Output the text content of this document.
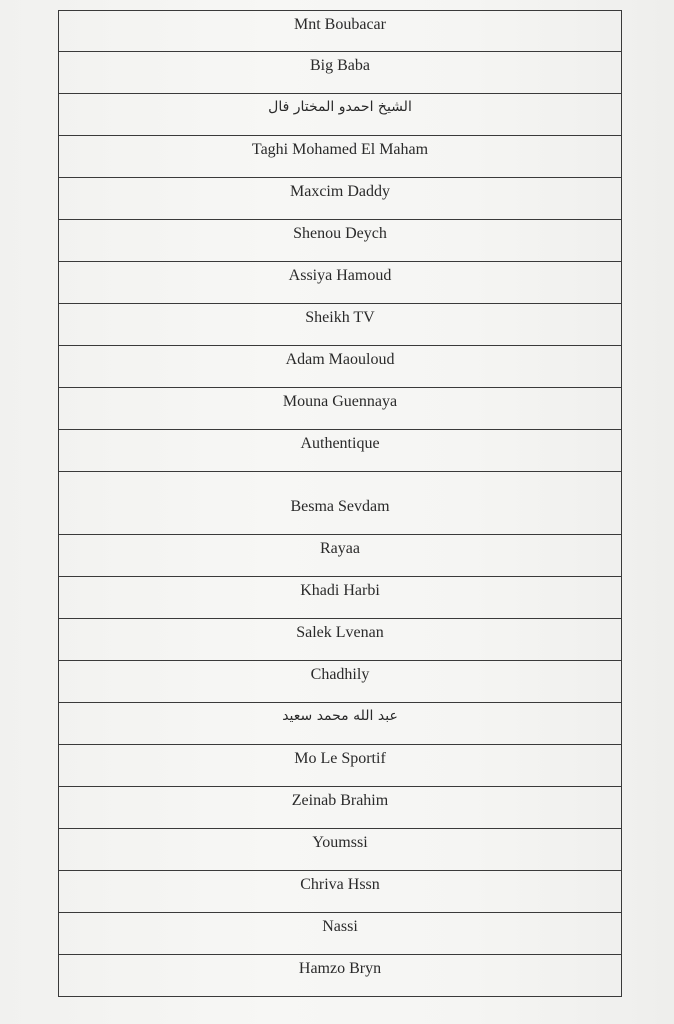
Mnt Boubacar

Big Baba

الشيخ احمدو المختار فال

Taghi Mohamed El Maham

Maxcim Daddy

Shenou Deych

Assiya Hamoud

Sheikh TV

Adam Maouloud

Mouna Guennaya

Authentique

Besma Sevdam

Rayaa

Khadi Harbi

Salek Lvenan

Chadhily

عبد الله محمد سعيد

Mo Le Sportif

Zeinab Brahim

Youmssi

Chriva Hssn

Nassi

Hamzo Bryn
